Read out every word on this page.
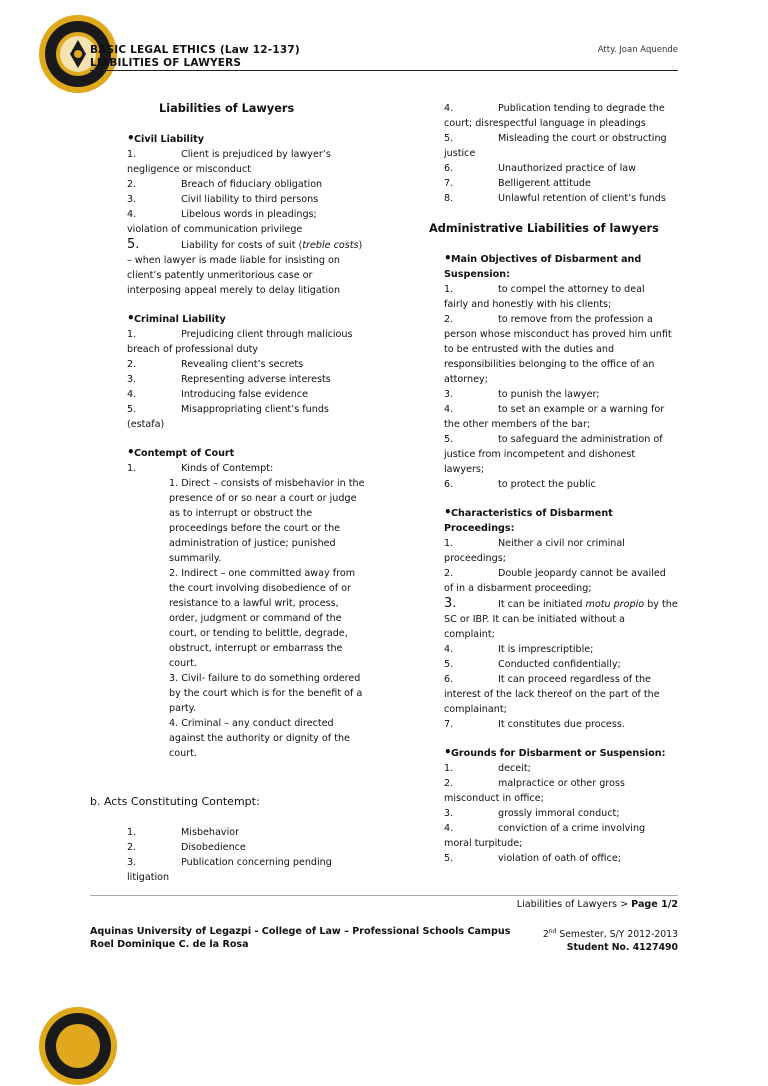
BASIC LEGAL ETHICS (Law 12-137)
LIABILITIES OF LAWYERS
Atty. Joan Aquende
Liabilities of Lawyers

•Civil Liability

1.	Client is prejudiced by lawyer’s
negligence or misconduct

2.	Breach of fiduciary obligation

3.	Civil liability to third persons

4.	Libelous words in pleadings;
violation of communication privilege

5.	Liability for costs of suit (treble costs) – when lawyer is made liable for insisting on client’s patently unmeritorious case or interposing appeal merely to delay litigation

•Criminal Liability

1.	Prejudicing client through malicious
breach of professional duty

2.	Revealing client’s secrets

3.	Representing adverse interests

4.	Introducing false evidence

5.	Misappropriating client’s funds
(estafa)

•Contempt of Court

1.	Kinds of Contempt:

1. Direct – consists of misbehavior in the presence of or so near a court or judge as to interrupt or obstruct the proceedings before the court or the administration of justice; punished summarily.

2. Indirect – one committed away from the court involving disobedience of or resistance to a lawful writ, process, order, judgment or command of the court, or tending to belittle, degrade, obstruct, interrupt or embarrass the court.

3. Civil- failure to do something ordered by the court which is for the benefit of a party.

4. Criminal – any conduct directed against the authority or dignity of the court.

b. Acts Constituting Contempt:

1.	Misbehavior

2.	Disobedience

3.	Publication concerning pending
litigation

4.	Publication tending to degrade the
court; disrespectful language in pleadings

5.	Misleading the court or obstructing
justice

6.	Unauthorized practice of law

7.	Belligerent attitude

8.	Unlawful retention of client’s funds

Administrative Liabilities of lawyers

•Main Objectives of Disbarment and Suspension:

1.	to compel the attorney to deal
fairly and honestly with his clients;

2.	to remove from the profession a
person whose misconduct has proved him unfit to be entrusted with the duties and responsibilities belonging to the office of an attorney;

3.	to punish the lawyer;

4.	to set an example or a warning for
the other members of the bar;

5.	to safeguard the administration of
justice from incompetent and dishonest lawyers;

6.	to protect the public

•Characteristics of Disbarment Proceedings:

1.	Neither a civil nor criminal
proceedings;

2.	Double jeopardy cannot be availed
of in a disbarment proceeding;

3.	It can be initiated motu propio by the SC or IBP. It can be initiated without a complaint;

4.	It is imprescriptible;

5.	Conducted confidentially;

6.	It can proceed regardless of the
interest of the lack thereof on the part of the complainant;

7.	It constitutes due process.

•Grounds for Disbarment or Suspension:

1.	deceit;

2.	malpractice or other gross
misconduct in office;

3.	grossly immoral conduct;

4.	conviction of a crime involving
moral turpitude;

5.	violation of oath of office;

Liabilities of Lawyers > Page 1/2
Aquinas University of Legazpi - College of Law – Professional Schools Campus
Roel Dominique C. de la Rosa
2nd Semester, S/Y 2012-2013
Student No. 4127490
